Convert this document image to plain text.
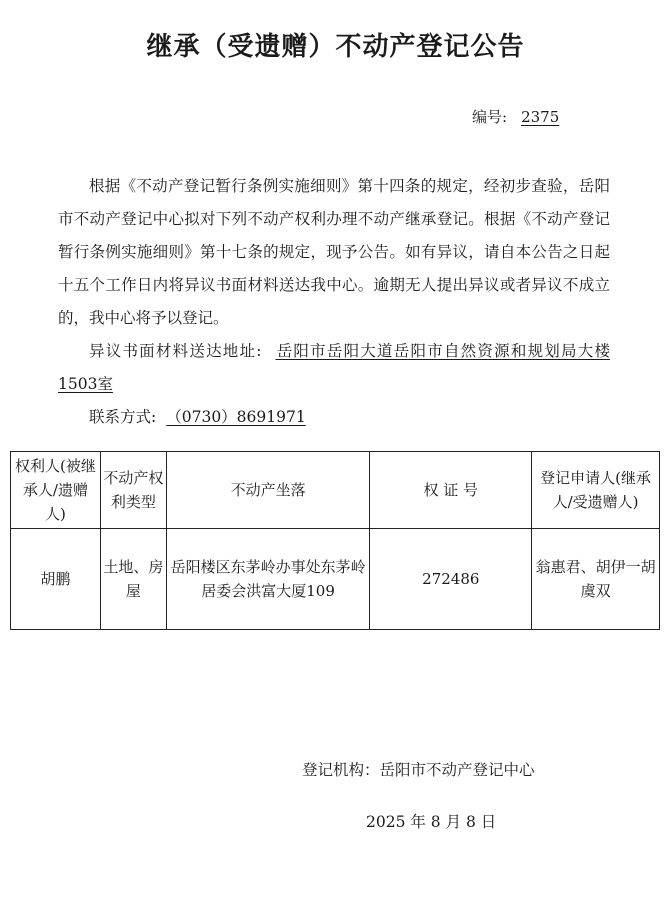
继承（受遗赠）不动产登记公告
编号: 2375

根据《不动产登记暂行条例实施细则》第十四条的规定，经初步查验，岳阳市不动产登记中心拟对下列不动产权利办理不动产继承登记。根据《不动产登记暂行条例实施细则》第十七条的规定，现予公告。如有异议，请自本公告之日起十五个工作日内将异议书面材料送达我中心。逾期无人提出异议或者异议不成立的，我中心将予以登记。

异议书面材料送达地址: 岳阳市岳阳大道岳阳市自然资源和规划局大楼1503室

联系方式: （0730）8691971

权利人(被继承人/遗赠人)	不动产权利类型	不动产坐落	权 证 号	登记申请人(继承人/受遗赠人)
胡鹏	土地、房屋	岳阳楼区东茅岭办事处东茅岭居委会洪富大厦109	272486	翁惠君、胡伊一胡虞双
登记机构：岳阳市不动产登记中心
2025 年 8 月 8 日
